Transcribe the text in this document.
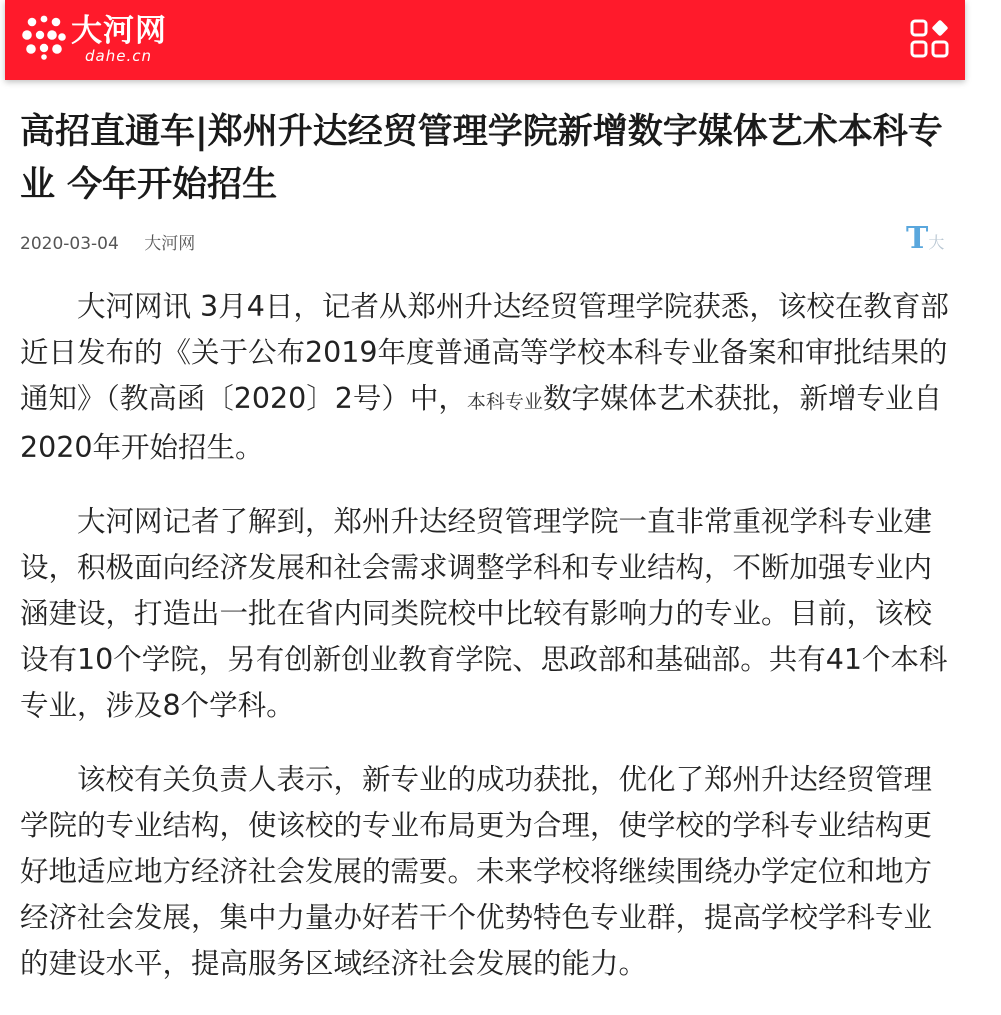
大河网
dahe.cn
高招直通车|郑州升达经贸管理学院新增数字媒体艺术本科专业 今年开始招生
2020-03-04 大河网	T大

大河网讯 3月4日，记者从郑州升达经贸管理学院获悉，该校在教育部近日发布的《关于公布2019年度普通高等学校本科专业备案和审批结果的通知》（教高函〔2020〕2号）中，本科专业数字媒体艺术获批，新增专业自2020年开始招生。

大河网记者了解到，郑州升达经贸管理学院一直非常重视学科专业建设，积极面向经济发展和社会需求调整学科和专业结构，不断加强专业内涵建设，打造出一批在省内同类院校中比较有影响力的专业。目前，该校设有10个学院，另有创新创业教育学院、思政部和基础部。共有41个本科专业，涉及8个学科。

该校有关负责人表示，新专业的成功获批，优化了郑州升达经贸管理学院的专业结构，使该校的专业布局更为合理，使学校的学科专业结构更好地适应地方经济社会发展的需要。未来学校将继续围绕办学定位和地方经济社会发展，集中力量办好若干个优势特色专业群，提高学校学科专业的建设水平，提高服务区域经济社会发展的能力。
